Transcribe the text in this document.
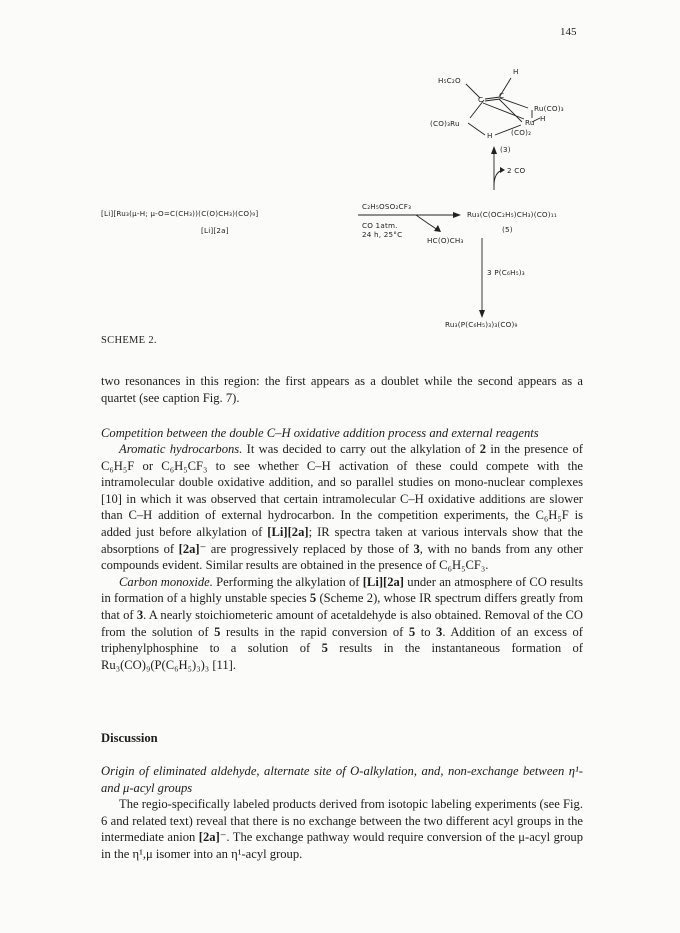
145
H
H₅C₂O
C C
Ru(CO)₃
(CO)₃Ru	Ru H
H	(CO)₂
(3)
2 CO
[Li][Ru₃(μ-H; μ-O=C(CH₃))(C(O)CH₃)(CO)₉]
[Li][2a]
C₂H₅OSO₂CF₃
CO 1atm.
24 h, 25°C
HC(O)CH₃
Ru₃(C(OC₂H₅)CH₃)(CO)₁₁
(5)
3 P(C₆H₅)₃
Ru₃(P(C₆H₅)₃)₃(CO)₉
SCHEME 2.

two resonances in this region: the first appears as a doublet while the second appears as a quartet (see caption Fig. 7).

Competition between the double C–H oxidative addition process and external reagents

Aromatic hydrocarbons. It was decided to carry out the alkylation of 2 in the presence of C₆H₅F or C₆H₅CF₃ to see whether C–H activation of these could compete with the intramolecular double oxidative addition, and so parallel studies on mono-nuclear complexes [10] in which it was observed that certain intramolecular C–H oxidative additions are slower than C–H addition of external hydrocarbon. In the competition experiments, the C₆H₅F is added just before alkylation of [Li][2a]; IR spectra taken at various intervals show that the absorptions of [2a]⁻ are progressively replaced by those of 3, with no bands from any other compounds evident. Similar results are obtained in the presence of C₆H₅CF₃.

Carbon monoxide. Performing the alkylation of [Li][2a] under an atmosphere of CO results in formation of a highly unstable species 5 (Scheme 2), whose IR spectrum differs greatly from that of 3. A nearly stoichiometeric amount of acetaldehyde is also obtained. Removal of the CO from the solution of 5 results in the rapid conversion of 5 to 3. Addition of an excess of triphenylphosphine to a solution of 5 results in the instantaneous formation of Ru₃(CO)₉(P(C₆H₅)₃)₃ [11].

Discussion
Origin of eliminated aldehyde, alternate site of O-alkylation, and, non-exchange between η¹- and μ-acyl groups

The regio-specifically labeled products derived from isotopic labeling experiments (see Fig. 6 and related text) reveal that there is no exchange between the two different acyl groups in the intermediate anion [2a]⁻. The exchange pathway would require conversion of the μ-acyl group in the η¹,μ isomer into an η¹-acyl group.
